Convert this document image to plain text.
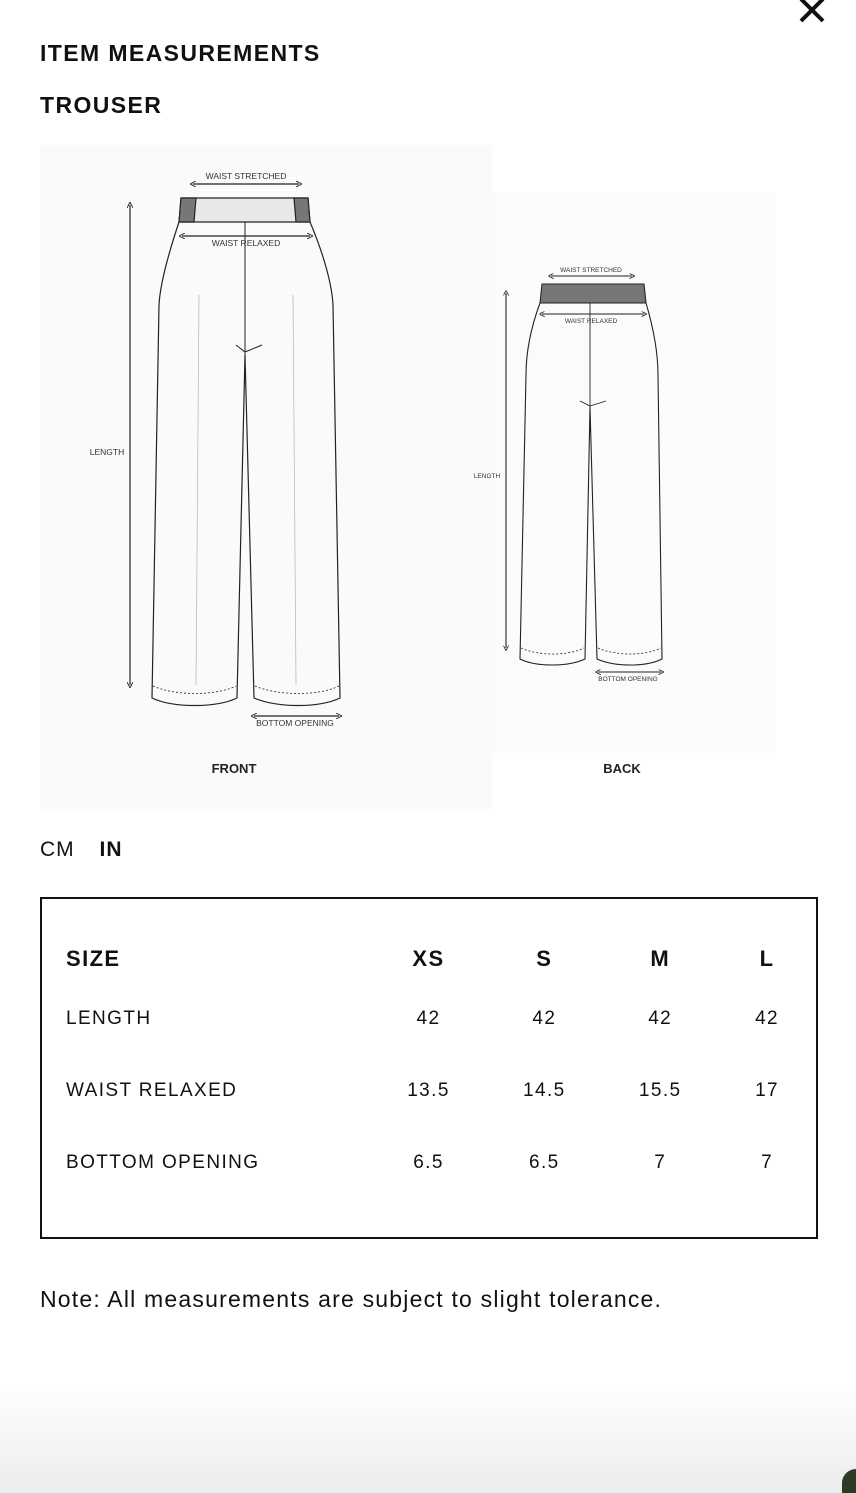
ITEM MEASUREMENTS
TROUSER
WAIST STRETCHED
WAIST RELAXED
LENGTH
BOTTOM OPENING
FRONT
WAIST STRETCHED
WAIST RELAXED
LENGTH
BOTTOM OPENING
BACK
CM IN
SIZE	XS	S	M	L
LENGTH	42	42	42	42
WAIST RELAXED	13.5	14.5	15.5	17
BOTTOM OPENING	6.5	6.5	7	7

Note: All measurements are subject to slight tolerance.
